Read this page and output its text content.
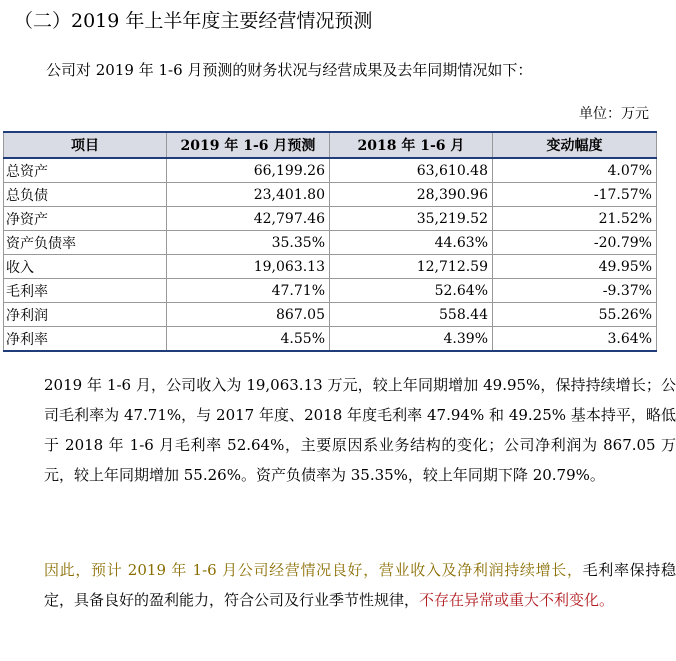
（二）2019 年上半年度主要经营情况预测
公司对 2019 年 1-6 月预测的财务状况与经营成果及去年同期情况如下：
单位：万元
项目	2019 年 1-6 月预测	2018 年 1-6 月	变动幅度
总资产	66,199.26	63,610.48	4.07%
总负债	23,401.80	28,390.96	-17.57%
净资产	42,797.46	35,219.52	21.52%
资产负债率	35.35%	44.63%	-20.79%
收入	19,063.13	12,712.59	49.95%
毛利率	47.71%	52.64%	-9.37%
净利润	867.05	558.44	55.26%
净利率	4.55%	4.39%	3.64%
2019 年 1-6 月，公司收入为 19,063.13 万元，较上年同期增加 49.95%，保持持续增长；公司毛利率为 47.71%，与 2017 年度、2018 年度毛利率 47.94% 和 49.25% 基本持平，略低于 2018 年 1-6 月毛利率 52.64%，主要原因系业务结构的变化；公司净利润为 867.05 万元，较上年同期增加 55.26%。资产负债率为 35.35%，较上年同期下降 20.79%。
因此，预计 2019 年 1-6 月公司经营情况良好，营业收入及净利润持续增长，毛利率保持稳定，具备良好的盈利能力，符合公司及行业季节性规律，不存在异常或重大不利变化。
